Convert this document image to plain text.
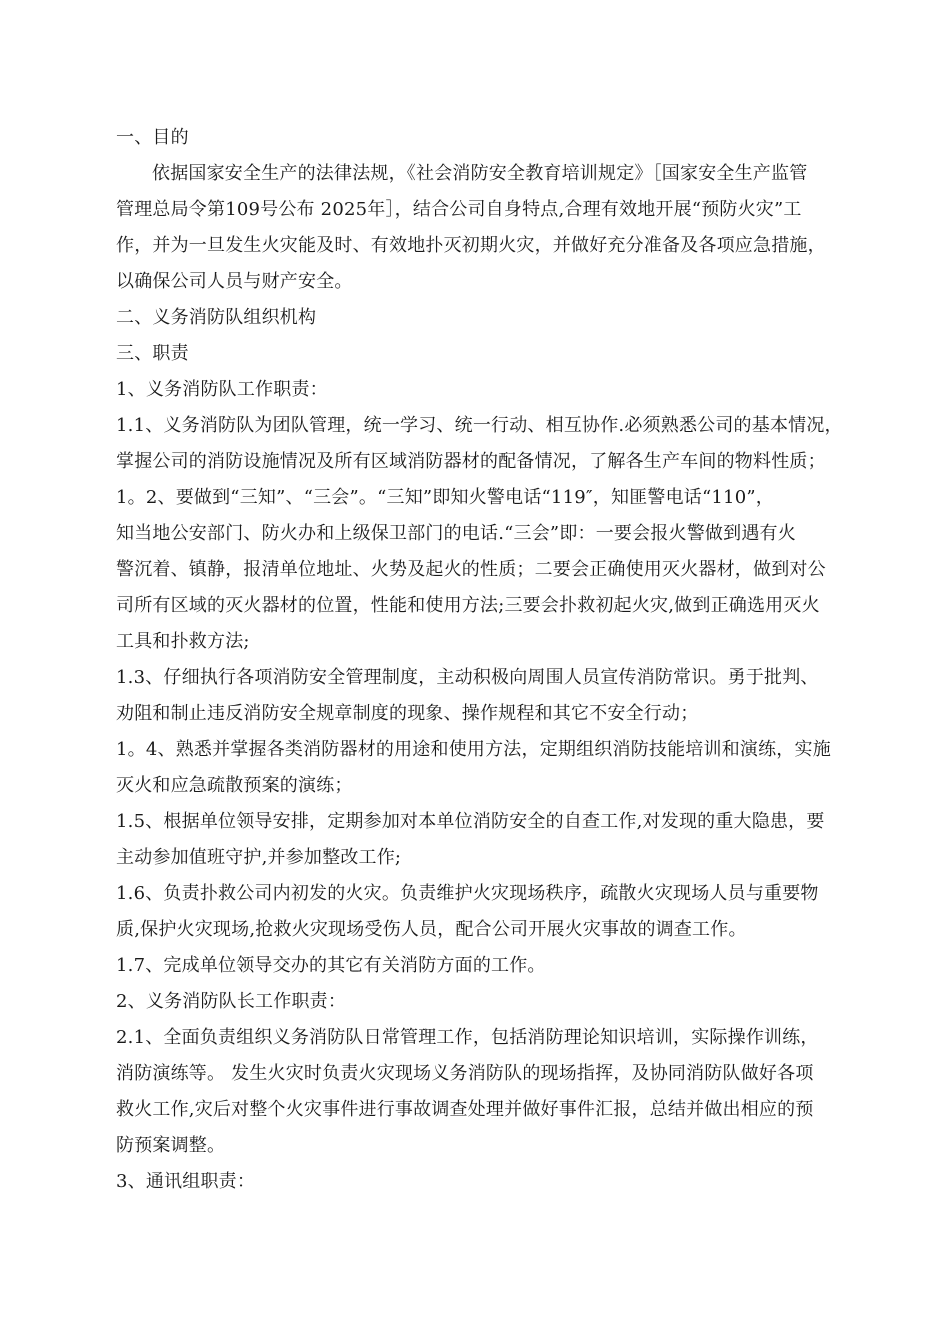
一、目的
依据国家安全生产的法律法规，《社会消防安全教育培训规定》［国家安全生产监管
管理总局令第109号公布 2025年］，结合公司自身特点,合理有效地开展“预防火灾”工
作，并为一旦发生火灾能及时、有效地扑灭初期火灾，并做好充分准备及各项应急措施，
以确保公司人员与财产安全。
二、义务消防队组织机构
三、职责
1、义务消防队工作职责：
1.1、义务消防队为团队管理，统一学习、统一行动、相互协作.必须熟悉公司的基本情况，
掌握公司的消防设施情况及所有区域消防器材的配备情况，了解各生产车间的物料性质；
1。2、要做到“三知”、“三会”。“三知”即知火警电话“119″，知匪警电话“110”，
知当地公安部门、防火办和上级保卫部门的电话.“三会”即：一要会报火警做到遇有火
警沉着、镇静，报清单位地址、火势及起火的性质；二要会正确使用灭火器材，做到对公
司所有区域的灭火器材的位置，性能和使用方法;三要会扑救初起火灾,做到正确选用灭火
工具和扑救方法;
1.3、仔细执行各项消防安全管理制度，主动积极向周围人员宣传消防常识。勇于批判、
劝阻和制止违反消防安全规章制度的现象、操作规程和其它不安全行动；
1。4、熟悉并掌握各类消防器材的用途和使用方法，定期组织消防技能培训和演练，实施
灭火和应急疏散预案的演练；
1.5、根据单位领导安排，定期参加对本单位消防安全的自查工作,对发现的重大隐患，要
主动参加值班守护,并参加整改工作;
1.6、负责扑救公司内初发的火灾。负责维护火灾现场秩序，疏散火灾现场人员与重要物
质,保护火灾现场,抢救火灾现场受伤人员，配合公司开展火灾事故的调查工作。
1.7、完成单位领导交办的其它有关消防方面的工作。
2、义务消防队长工作职责：
2.1、全面负责组织义务消防队日常管理工作，包括消防理论知识培训，实际操作训练，
消防演练等。 发生火灾时负责火灾现场义务消防队的现场指挥，及协同消防队做好各项
救火工作,灾后对整个火灾事件进行事故调查处理并做好事件汇报，总结并做出相应的预
防预案调整。
3、通讯组职责：
